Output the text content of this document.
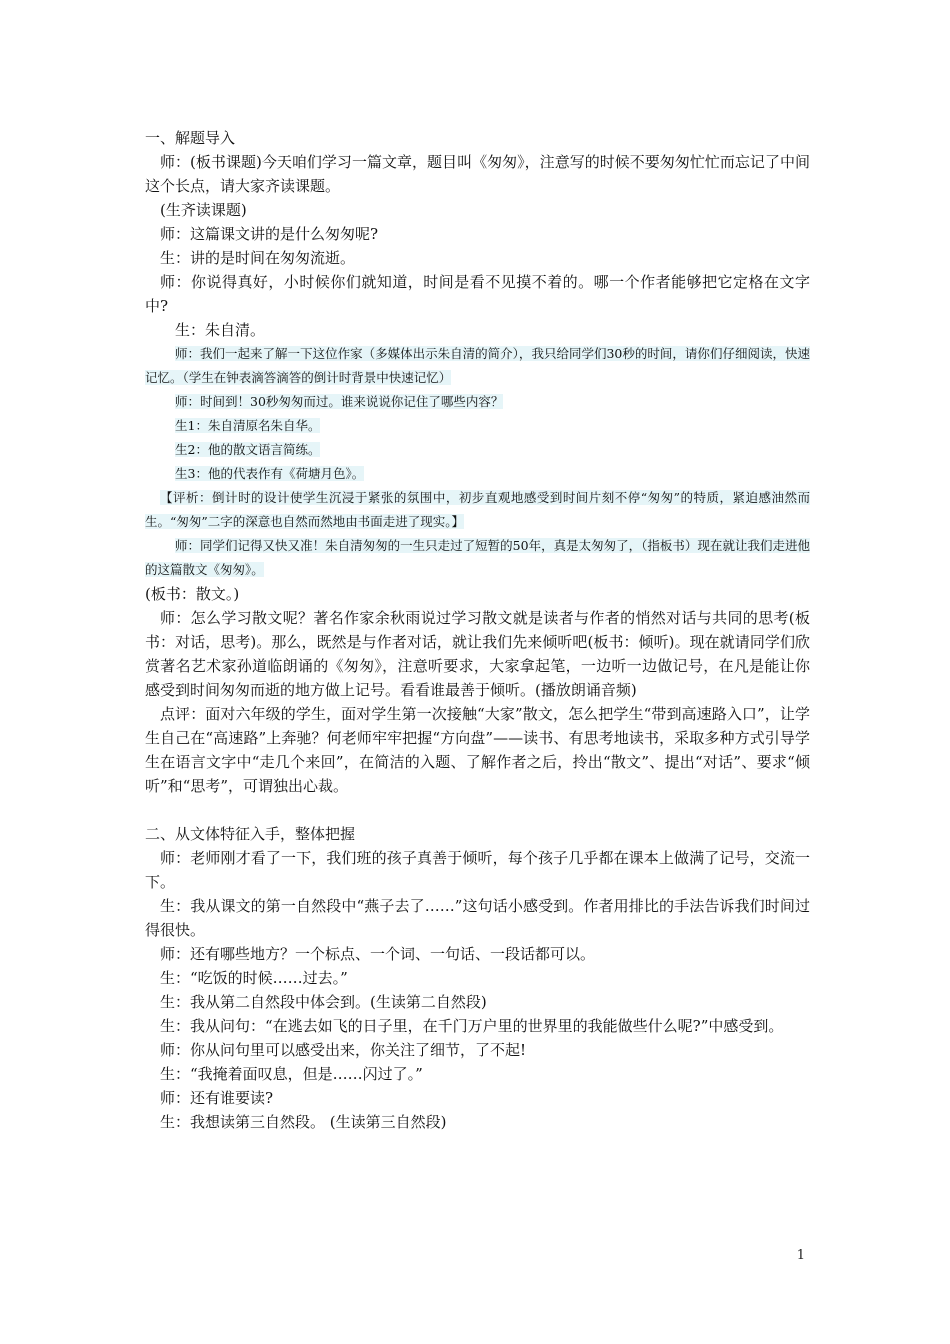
一、解题导入

师：(板书课题)今天咱们学习一篇文章，题目叫《匆匆》，注意写的时候不要匆匆忙忙而忘记了中间这个长点，请大家齐读课题。

(生齐读课题)

师：这篇课文讲的是什么匆匆呢?

生：讲的是时间在匆匆流逝。

师：你说得真好，小时候你们就知道，时间是看不见摸不着的。哪一个作者能够把它定格在文字中?

生：朱自清。

师：我们一起来了解一下这位作家（多媒体出示朱自清的简介），我只给同学们30秒的时间，请你们仔细阅读，快速记忆。（学生在钟表滴答滴答的倒计时背景中快速记忆）

师：时间到！30秒匆匆而过。谁来说说你记住了哪些内容？

生1：朱自清原名朱自华。

生2：他的散文语言简练。

生3：他的代表作有《荷塘月色》。

【评析：倒计时的设计使学生沉浸于紧张的氛围中，初步直观地感受到时间片刻不停“匆匆”的特质，紧迫感油然而生。“匆匆”二字的深意也自然而然地由书面走进了现实。】

师：同学们记得又快又准！朱自清匆匆的一生只走过了短暂的50年，真是太匆匆了，（指板书）现在就让我们走进他的这篇散文《匆匆》。

(板书：散文。)

师：怎么学习散文呢？著名作家余秋雨说过学习散文就是读者与作者的悄然对话与共同的思考(板书：对话，思考)。那么，既然是与作者对话，就让我们先来倾听吧(板书：倾听)。现在就请同学们欣赏著名艺术家孙道临朗诵的《匆匆》，注意听要求，大家拿起笔，一边听一边做记号，在凡是能让你感受到时间匆匆而逝的地方做上记号。看看谁最善于倾听。(播放朗诵音频)

点评：面对六年级的学生，面对学生第一次接触“大家”散文，怎么把学生“带到高速路入口”，让学生自己在“高速路”上奔驰？何老师牢牢把握“方向盘”——读书、有思考地读书，采取多种方式引导学生在语言文字中“走几个来回”，在简洁的入题、了解作者之后，拎出“散文”、提出“对话”、要求“倾听”和“思考”，可谓独出心裁。

二、从文体特征入手，整体把握

师：老师刚才看了一下，我们班的孩子真善于倾听，每个孩子几乎都在课本上做满了记号，交流一下。

生：我从课文的第一自然段中“燕子去了……”这句话小感受到。作者用排比的手法告诉我们时间过得很快。

师：还有哪些地方？一个标点、一个词、一句话、一段话都可以。

生：“吃饭的时候……过去。”

生：我从第二自然段中体会到。(生读第二自然段)

生：我从问句：“在逃去如飞的日子里，在千门万户里的世界里的我能做些什么呢?”中感受到。

师：你从问句里可以感受出来，你关注了细节，了不起!

生：“我掩着面叹息，但是……闪过了。”

师：还有谁要读?

生：我想读第三自然段。 (生读第三自然段)

1
